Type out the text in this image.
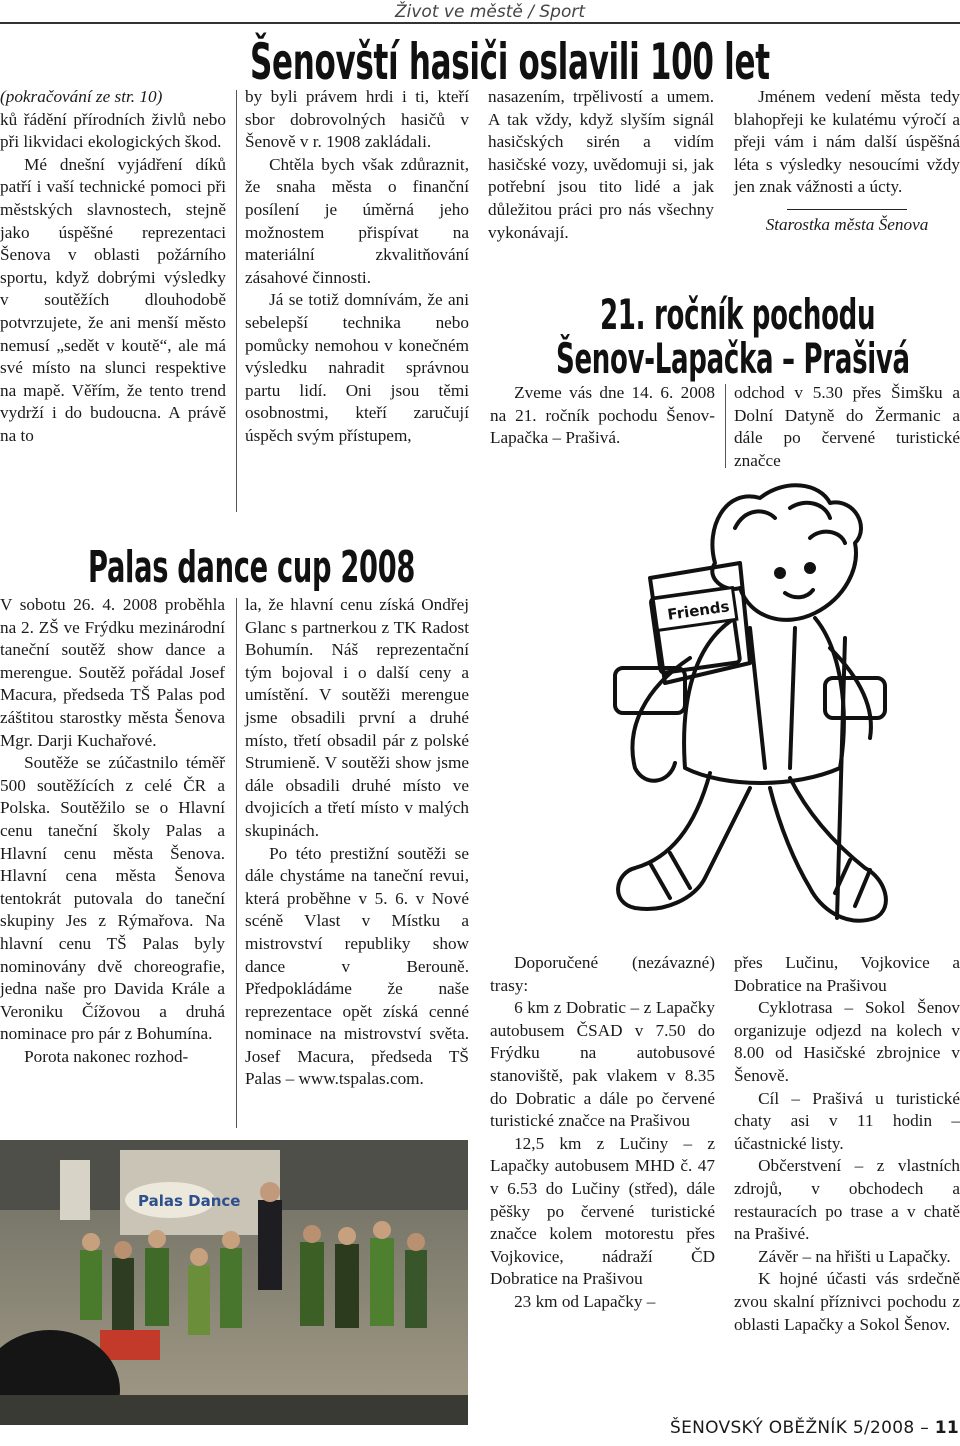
Život ve městě / Sport
Šenovští hasiči oslavili 100 let

(pokračování ze str. 10)

ků řádění přírodních živlů nebo při likvidaci ekologických škod.

Mé dnešní vyjádření díků patří i vaší technické pomoci při městských slavnostech, stejně jako úspěšné reprezentaci Šenova v oblasti požárního sportu, když dobrými výsledky v soutěžích dlouhodobě potvrzujete, že ani menší město nemusí „sedět v koutě“, ale má své místo na slunci respektive na mapě. Věřím, že tento trend vydrží i do budoucna. A právě na to

by byli právem hrdi i ti, kteří sbor dobrovolných hasičů v Šenově v r. 1908 zakládali.

Chtěla bych však zdůraznit, že snaha města o finanční posílení je úměrná jeho možnostem přispívat na materiální zkvalitňování zásahové činnosti.

Já se totiž domnívám, že ani sebelepší technika nebo pomůcky nemohou v konečném výsledku nahradit správnou partu lidí. Oni jsou těmi osobnostmi, kteří zaručují úspěch svým přístupem,

nasazením, trpělivostí a umem. A tak vždy, když slyším signál hasičských sirén a vidím hasičské vozy, uvědomuji si, jak potřební jsou tito lidé a jak důležitou práci pro nás všechny vykonávají.

Jménem vedení města tedy blahopřeji ke kulatému výročí a přeji vám i nám další úspěšná léta s výsledky nesoucími vždy jen znak vážnosti a úcty.

Starostka města Šenova

21. ročník pochodu
Šenov-Lapačka – Prašivá

Zveme vás dne 14. 6. 2008 na 21. ročník pochodu Šenov-Lapačka – Prašivá.

odchod v 5.30 přes Šimšku a Dolní Datyně do Žermanic a dále po červené turistické značce

Friends
Palas dance cup 2008

V sobotu 26. 4. 2008 proběhla na 2. ZŠ ve Frýdku mezinárodní taneční soutěž show dance a merengue. Soutěž pořádal Josef Macura, předseda TŠ Palas pod záštitou starostky města Šenova Mgr. Darji Kuchařové.

Soutěže se zúčastnilo téměř 500 soutěžících z celé ČR a Polska. Soutěžilo se o Hlavní cenu taneční školy Palas a Hlavní cenu města Šenova. Hlavní cena města Šenova tentokrát putovala do taneční skupiny Jes z Rýmařova. Na hlavní cenu TŠ Palas byly nominovány dvě choreografie, jedna naše pro Davida Krále a Veroniku Čížovou a druhá nominace pro pár z Bohumína.

Porota nakonec rozhod-

la, že hlavní cenu získá Ondřej Glanc s partnerkou z TK Radost Bohumín. Náš reprezentační tým bojoval i o další ceny a umístění. V soutěži merengue jsme obsadili první a druhé místo, třetí obsadil pár z polské Strumieně. V soutěži show jsme dále obsadili druhé místo ve dvojicích a třetí místo v malých skupinách.

Po této prestižní soutěži se dále chystáme na taneční revui, která proběhne v 5. 6. v Nové scéně Vlast v Místku a mistrovství republiky show dance v Berouně. Předpokládáme že naše reprezentace opět získá cenné nominace na mistrovství světa. Josef Macura, předseda TŠ Palas – www.tspalas.com.

Palas Dance

Doporučené (nezávazné) trasy:

6 km z Dobratic – z Lapačky autobusem ČSAD v 7.50 do Frýdku na autobusové stanoviště, pak vlakem v 8.35 do Dobratic a dále po červené turistické značce na Prašivou

12,5 km z Lučiny – z Lapačky autobusem MHD č. 47 v 6.53 do Lučiny (střed), dále pěšky po červené turistické značce kolem motorestu přes Vojkovice, nádraží ČD Dobratice na Prašivou

23 km od Lapačky –

přes Lučinu, Vojkovice a Dobratice na Prašivou

Cyklotrasa – Sokol Šenov organizuje odjezd na kolech v 8.00 od Hasičské zbrojnice v Šenově.

Cíl – Prašivá u turistické chaty asi v 11 hodin – účastnické listy.

Občerstvení – z vlastních zdrojů, v obchodech a restauracích po trase a v chatě na Prašivé.

Závěr – na hřišti u Lapačky.

K hojné účasti vás srdečně zvou skalní příznivci pochodu z oblasti Lapačky a Sokol Šenov.

ŠENOVSKÝ OBĚŽNÍK 5/2008 – 11
